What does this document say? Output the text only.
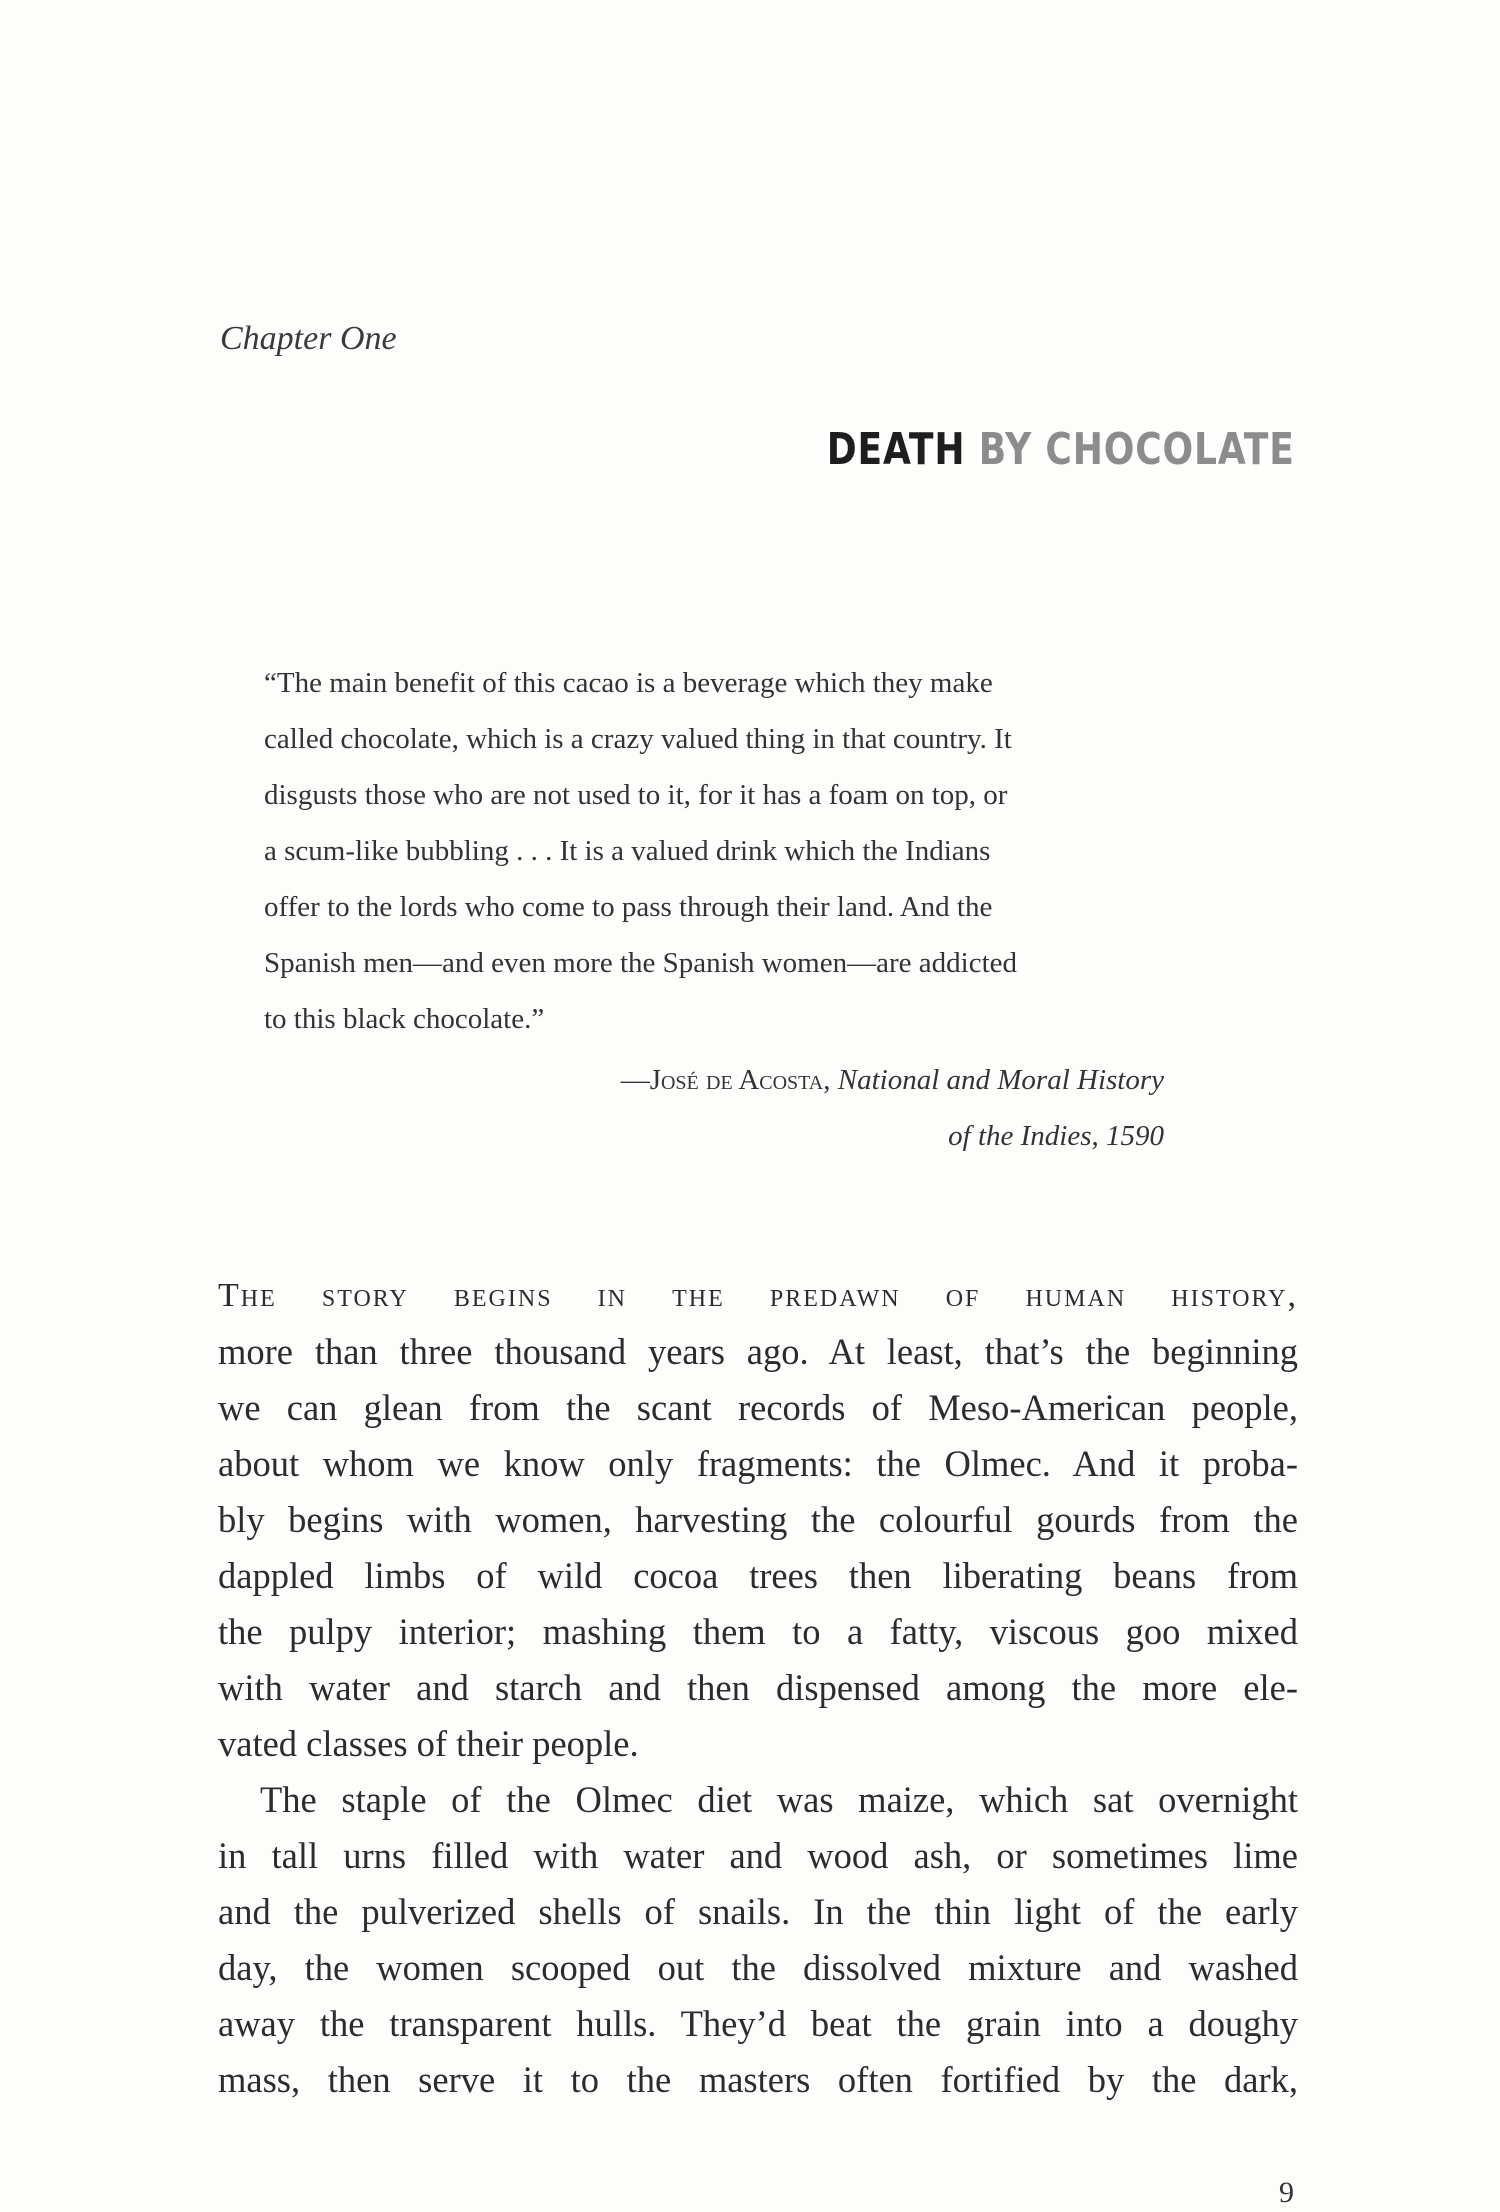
Chapter One
DEATH BY CHOCOLATE
“The main benefit of this cacao is a beverage which they make
called chocolate, which is a crazy valued thing in that country. It
disgusts those who are not used to it, for it has a foam on top, or
a scum-like bubbling . . . It is a valued drink which the Indians
offer to the lords who come to pass through their land. And the
Spanish men—and even more the Spanish women—are addicted
to this black chocolate.”
—José de Acosta, National and Moral History
of the Indies, 1590
The story begins in the predawn of human history,
more than three thousand years ago. At least, that’s the beginning
we can glean from the scant records of Meso-American people,
about whom we know only fragments: the Olmec. And it proba-
bly begins with women, harvesting the colourful gourds from the
dappled limbs of wild cocoa trees then liberating beans from
the pulpy interior; mashing them to a fatty, viscous goo mixed
with water and starch and then dispensed among the more ele-
vated classes of their people.
The staple of the Olmec diet was maize, which sat overnight
in tall urns filled with water and wood ash, or sometimes lime
and the pulverized shells of snails. In the thin light of the early
day, the women scooped out the dissolved mixture and washed
away the transparent hulls. They’d beat the grain into a doughy
mass, then serve it to the masters often fortified by the dark,
9
